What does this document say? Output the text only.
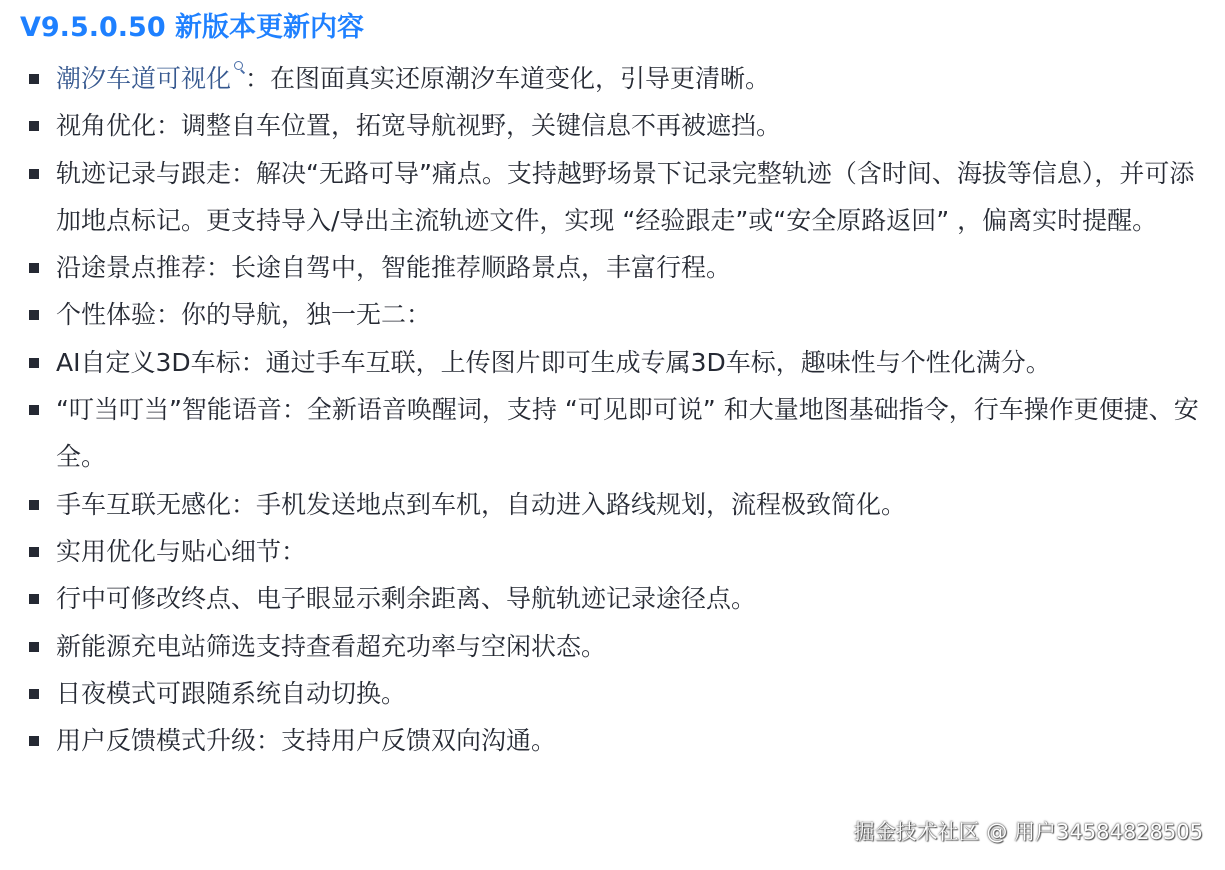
V9.5.0.50 新版本更新内容
潮汐车道可视化 ：在图面真实还原潮汐车道变化，引导更清晰。
视角优化：调整自车位置，拓宽导航视野，关键信息不再被遮挡。
轨迹记录与跟走：解决“无路可导”痛点。支持越野场景下记录完整轨迹（含时间、海拔等信息），并可添加地点标记。更支持导入/导出主流轨迹文件，实现 “经验跟走”或“安全原路返回” ，偏离实时提醒。
沿途景点推荐：长途自驾中，智能推荐顺路景点，丰富行程。
个性体验：你的导航，独一无二：
AI自定义3D车标：通过手车互联，上传图片即可生成专属3D车标，趣味性与个性化满分。
“叮当叮当”智能语音：全新语音唤醒词，支持 “可见即可说” 和大量地图基础指令，行车操作更便捷、安全。
手车互联无感化：手机发送地点到车机，自动进入路线规划，流程极致简化。
实用优化与贴心细节：
行中可修改终点、电子眼显示剩余距离、导航轨迹记录途径点。
新能源充电站筛选支持查看超充功率与空闲状态。
日夜模式可跟随系统自动切换。
用户反馈模式升级：支持用户反馈双向沟通。
掘金技术社区 @ 用户34584828505
